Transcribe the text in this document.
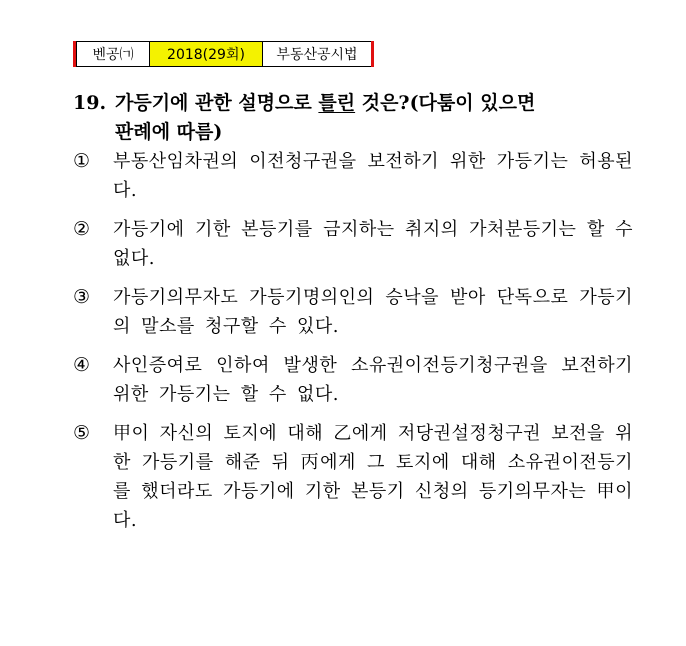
벤공㈀	2018(29회)	부동산공시법
19. 가등기에 관한 설명으로 틀린 것은?(다툼이 있으면
판례에 따름)
①	부동산임차권의 이전청구권을 보전하기 위한 가등기는 허용된다.
②	가등기에 기한 본등기를 금지하는 취지의 가처분등기는 할 수 없다.
③	가등기의무자도 가등기명의인의 승낙을 받아 단독으로 가등기의 말소를 청구할 수 있다.
④	사인증여로 인하여 발생한 소유권이전등기청구권을 보전하기 위한 가등기는 할 수 없다.
⑤	甲이 자신의 토지에 대해 乙에게 저당권설정청구권 보전을 위한 가등기를 해준 뒤 丙에게 그 토지에 대해 소유권이전등기를 했더라도 가등기에 기한 본등기 신청의 등기의무자는 甲이다.
